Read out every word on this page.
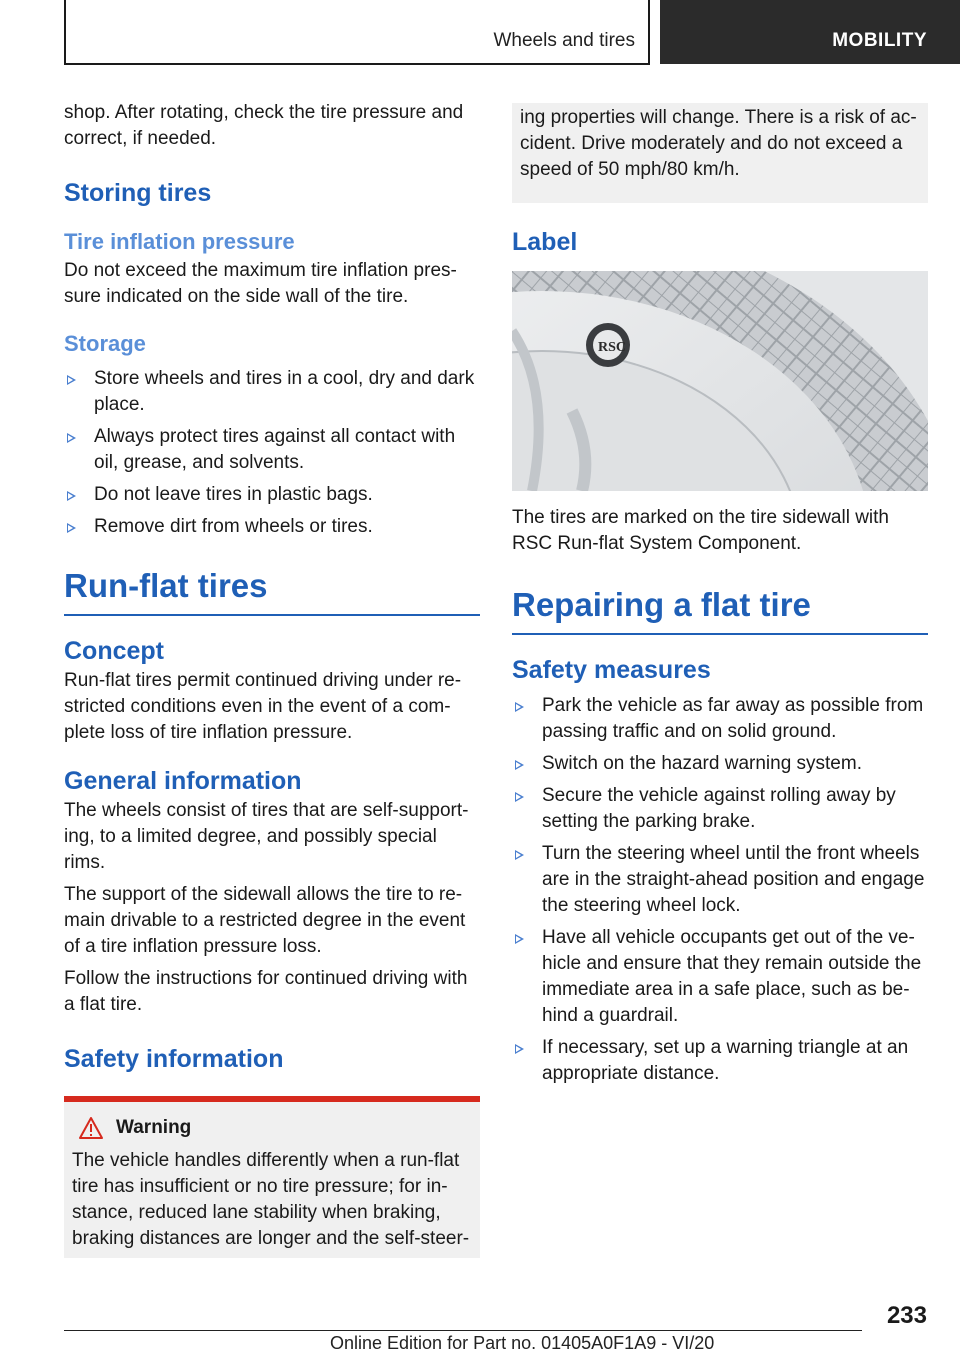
Wheels and tires	MOBILITY

shop. After rotating, check the tire pressure and correct, if needed.

Storing tires
Tire inflation pressure

Do not exceed the maximum tire inflation pres-sure indicated on the side wall of the tire.

Storage
Store wheels and tires in a cool, dry and dark place.
Always protect tires against all contact with oil, grease, and solvents.
Do not leave tires in plastic bags.
Remove dirt from wheels or tires.
Run-flat tires
Concept

Run-flat tires permit continued driving under re-stricted conditions even in the event of a com-plete loss of tire inflation pressure.

General information

The wheels consist of tires that are self-support-ing, to a limited degree, and possibly special rims.

The support of the sidewall allows the tire to re-main drivable to a restricted degree in the event of a tire inflation pressure loss.

Follow the instructions for continued driving with a flat tire.

Safety information
Warning

The vehicle handles differently when a run-flat tire has insufficient or no tire pressure; for in-stance, reduced lane stability when braking, braking distances are longer and the self-steer-

ing properties will change. There is a risk of ac-cident. Drive moderately and do not exceed a speed of 50 mph/80 km/h.

Label
RSC

The tires are marked on the tire sidewall with RSC Run-flat System Component.

Repairing a flat tire
Safety measures
Park the vehicle as far away as possible from passing traffic and on solid ground.
Switch on the hazard warning system.
Secure the vehicle against rolling away by setting the parking brake.
Turn the steering wheel until the front wheels are in the straight-ahead position and engage the steering wheel lock.
Have all vehicle occupants get out of the ve-hicle and ensure that they remain outside the immediate area in a safe place, such as be-hind a guardrail.
If necessary, set up a warning triangle at an appropriate distance.
233
Online Edition for Part no. 01405A0F1A9 - VI/20
